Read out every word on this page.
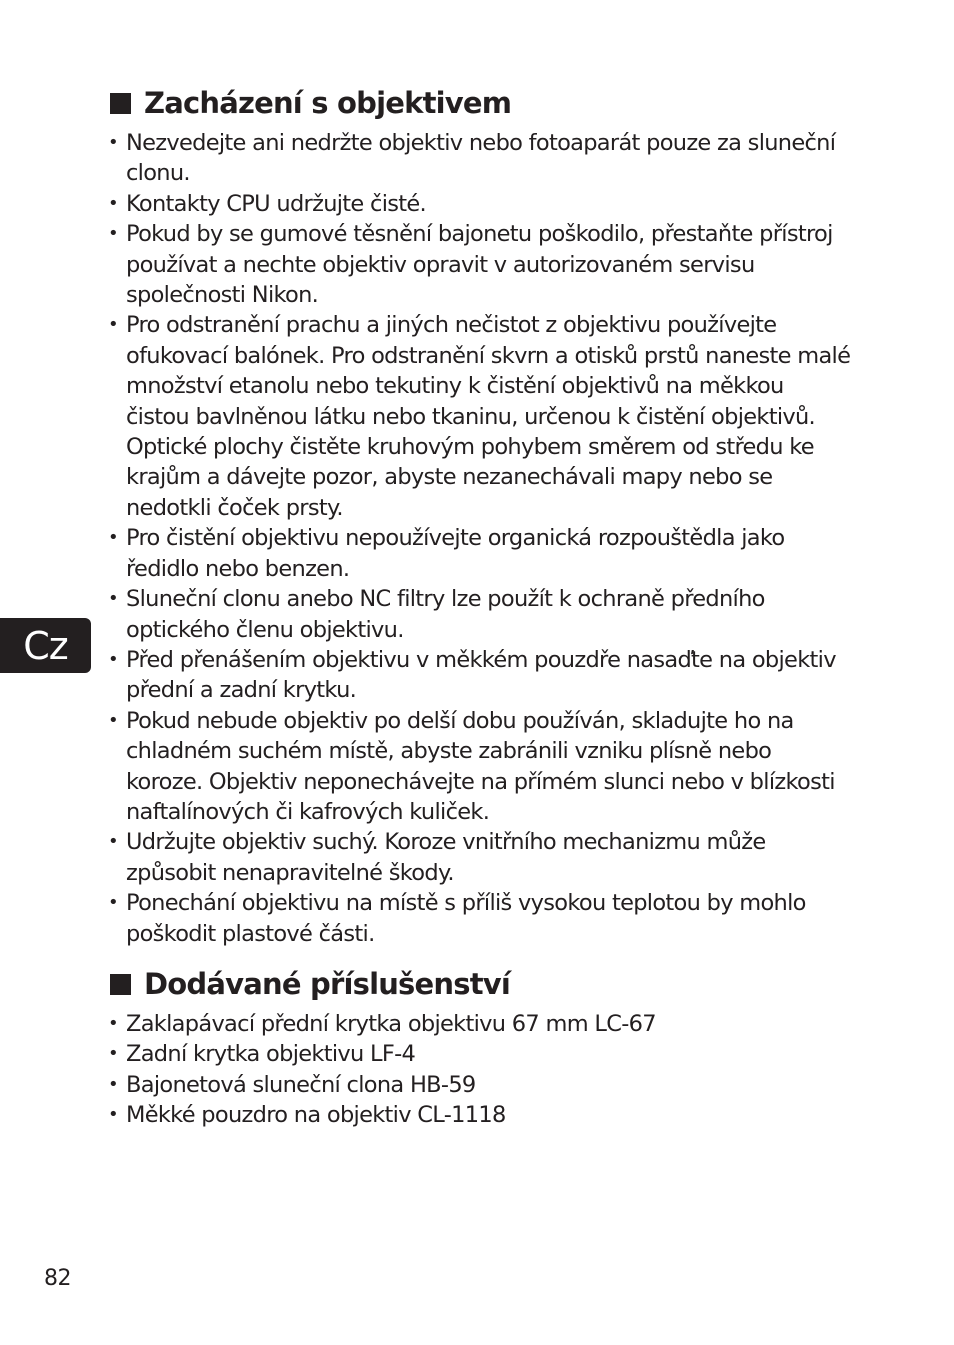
Zacházení s objektivem
• Nezvedejte ani nedržte objektiv nebo fotoaparát pouze za sluneční clonu.
• Kontakty CPU udržujte čisté.
• Pokud by se gumové těsnění bajonetu poškodilo, přestaňte přístroj používat a nechte objektiv opravit v autorizovaném servisu společnosti Nikon.
• Pro odstranění prachu a jiných nečistot z objektivu používejte ofukovací balónek. Pro odstranění skvrn a otisků prstů naneste malé množství etanolu nebo tekutiny k čistění objektivů na měkkou čistou bavlněnou látku nebo tkaninu, určenou k čistění objektivů. Optické plochy čistěte kruhovým pohybem směrem od středu ke krajům a dávejte pozor, abyste nezanechávali mapy nebo se nedotkli čoček prsty.
• Pro čistění objektivu nepoužívejte organická rozpouštědla jako ředidlo nebo benzen.
• Sluneční clonu anebo NC filtry lze použít k ochraně předního optického členu objektivu.
• Před přenášením objektivu v měkkém pouzdře nasaďte na objektiv přední a zadní krytku.
• Pokud nebude objektiv po delší dobu používán, skladujte ho na chladném suchém místě, abyste zabránili vzniku plísně nebo koroze. Objektiv neponechávejte na přímém slunci nebo v blízkosti naftalínových či kafrových kuliček.
• Udržujte objektiv suchý. Koroze vnitřního mechanizmu může způsobit nenapravitelné škody.
• Ponechání objektivu na místě s příliš vysokou teplotou by mohlo poškodit plastové části.
Dodávané příslušenství
• Zaklapávací přední krytka objektivu 67 mm LC-67
• Zadní krytka objektivu LF-4
• Bajonetová sluneční clona HB-59
• Měkké pouzdro na objektiv CL-1118
Cz
82
